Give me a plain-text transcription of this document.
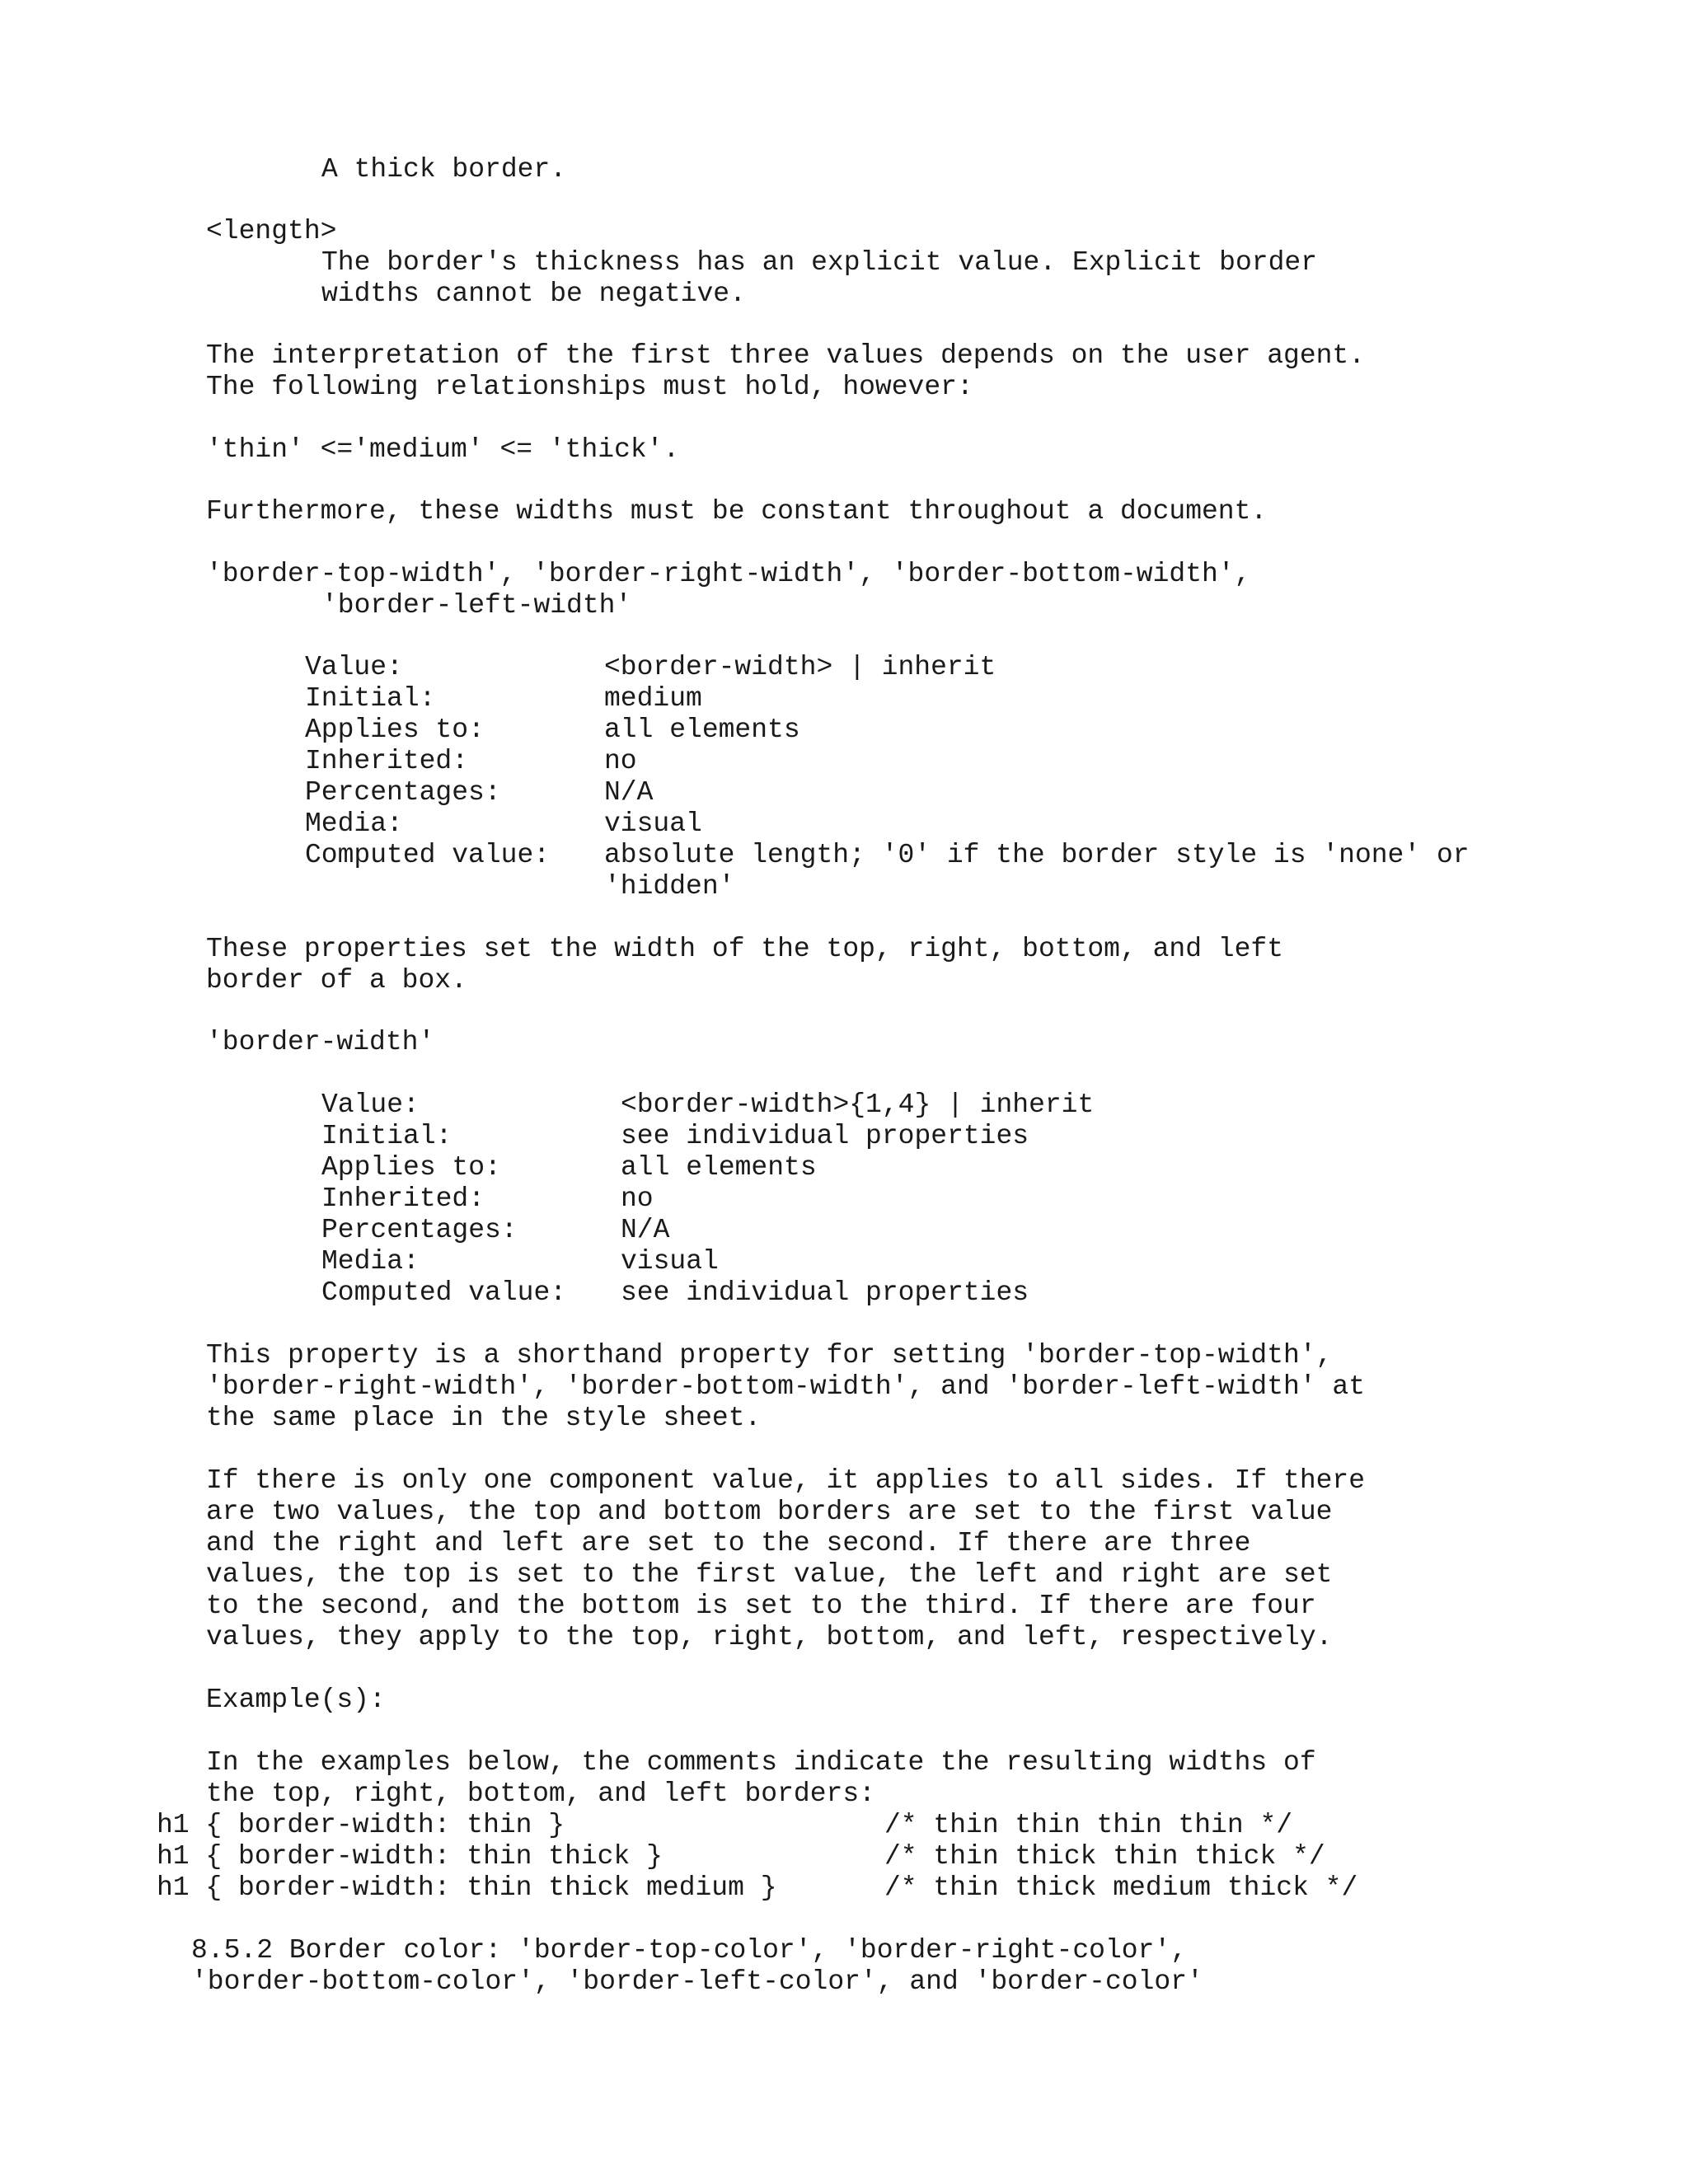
A thick border.
<length>
The border's thickness has an explicit value. Explicit border
widths cannot be negative.
The interpretation of the first three values depends on the user agent.
The following relationships must hold, however:
'thin' <='medium' <= 'thick'.
Furthermore, these widths must be constant throughout a document.
'border-top-width', 'border-right-width', 'border-bottom-width',
'border-left-width'
Value:	<border-width> | inherit
Initial:	medium
Applies to:	all elements
Inherited:	no
Percentages:	N/A
Media:	visual
Computed value: absolute length; '0' if the border style is 'none' or
'hidden'
These properties set the width of the top, right, bottom, and left
border of a box.
'border-width'
Value:	<border-width>{1,4} | inherit
Initial:	see individual properties
Applies to:	all elements
Inherited:	no
Percentages:	N/A
Media:	visual
Computed value: see individual properties
This property is a shorthand property for setting 'border-top-width',
'border-right-width', 'border-bottom-width', and 'border-left-width' at
the same place in the style sheet.
If there is only one component value, it applies to all sides. If there
are two values, the top and bottom borders are set to the first value
and the right and left are set to the second. If there are three
values, the top is set to the first value, the left and right are set
to the second, and the bottom is set to the third. If there are four
values, they apply to the top, right, bottom, and left, respectively.
Example(s):
In the examples below, the comments indicate the resulting widths of
the top, right, bottom, and left borders:
h1 { border-width: thin }	/* thin thin thin thin */
h1 { border-width: thin thick }	/* thin thick thin thick */
h1 { border-width: thin thick medium }	/* thin thick medium thick */
8.5.2 Border color: 'border-top-color', 'border-right-color',
'border-bottom-color', 'border-left-color', and 'border-color'
